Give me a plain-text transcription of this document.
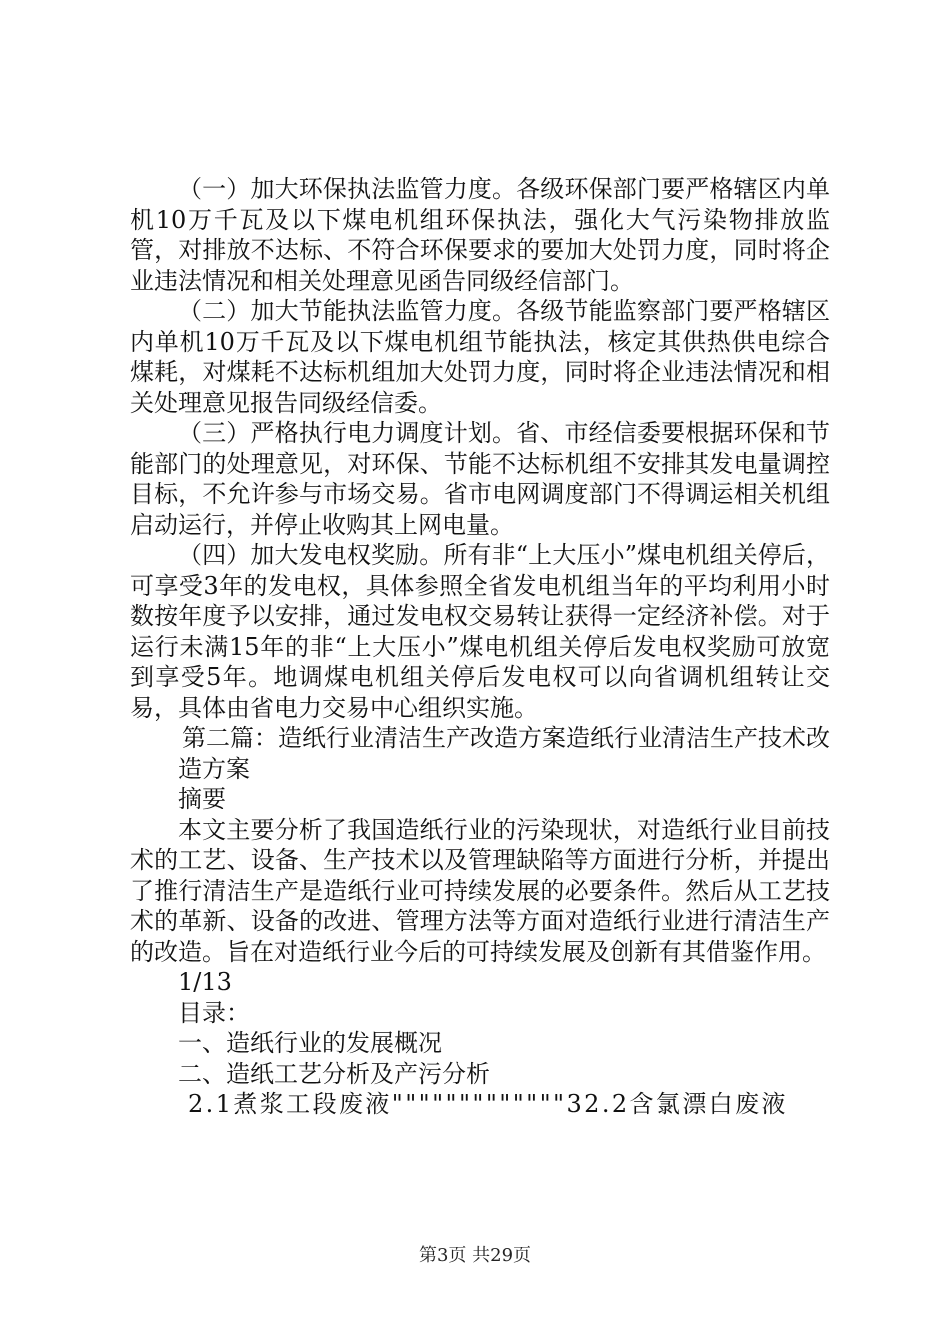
（一）加大环保执法监管力度。各级环保部门要严格辖区内单机10万千瓦及以下煤电机组环保执法，强化大气污染物排放监管，对排放不达标、不符合环保要求的要加大处罚力度，同时将企业违法情况和相关处理意见函告同级经信部门。

（二）加大节能执法监管力度。各级节能监察部门要严格辖区内单机10万千瓦及以下煤电机组节能执法，核定其供热供电综合煤耗，对煤耗不达标机组加大处罚力度，同时将企业违法情况和相关处理意见报告同级经信委。

（三）严格执行电力调度计划。省、市经信委要根据环保和节能部门的处理意见，对环保、节能不达标机组不安排其发电量调控目标，不允许参与市场交易。省市电网调度部门不得调运相关机组启动运行，并停止收购其上网电量。

（四）加大发电权奖励。所有非“上大压小”煤电机组关停后，可享受3年的发电权，具体参照全省发电机组当年的平均利用小时数按年度予以安排，通过发电权交易转让获得一定经济补偿。对于运行未满15年的非“上大压小”煤电机组关停后发电权奖励可放宽到享受5年。地调煤电机组关停后发电权可以向省调机组转让交易，具体由省电力交易中心组织实施。

第二篇：造纸行业清洁生产改造方案造纸行业清洁生产技术改

造方案

摘要

本文主要分析了我国造纸行业的污染现状，对造纸行业目前技术的工艺、设备、生产技术以及管理缺陷等方面进行分析，并提出了推行清洁生产是造纸行业可持续发展的必要条件。然后从工艺技术的革新、设备的改进、管理方法等方面对造纸行业进行清洁生产的改造。旨在对造纸行业今后的可持续发展及创新有其借鉴作用。

1/13

目录：

一、造纸行业的发展概况

二、造纸工艺分析及产污分析

2.1煮浆工段废液"""""""""""""32.2含氯漂白废液

第3页 共29页
